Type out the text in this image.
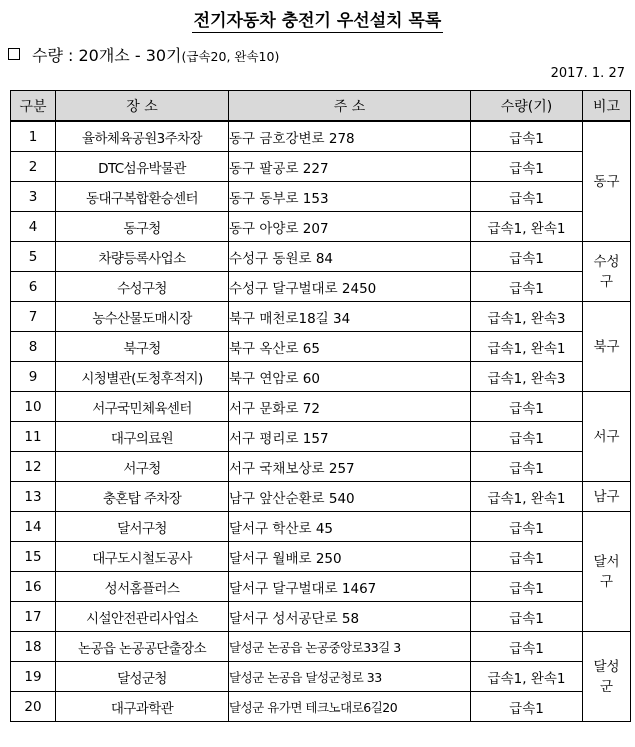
전기자동차 충전기 우선설치 목록
수량 : 20개소 - 30기(급속20, 완속10)
2017. 1. 27
구분	장 소	주 소	수량(기)	비고
1	율하체육공원3주차장	동구 금호강변로 278	급속1	동구
2	DTC섬유박물관	동구 팔공로 227	급속1	
3	동대구복합환승센터	동구 동부로 153	급속1	
4	동구청	동구 아양로 207	급속1, 완속1	
5	차량등록사업소	수성구 동원로 84	급속1	수성구
6	수성구청	수성구 달구벌대로 2450	급속1	
7	농수산물도매시장	북구 매천로18길 34	급속1, 완속3	북구
8	북구청	북구 옥산로 65	급속1, 완속1	
9	시청별관(도청후적지)	북구 연암로 60	급속1, 완속3	
10	서구국민체육센터	서구 문화로 72	급속1	서구
11	대구의료원	서구 평리로 157	급속1	
12	서구청	서구 국채보상로 257	급속1	
13	충혼탑 주차장	남구 앞산순환로 540	급속1, 완속1	남구
14	달서구청	달서구 학산로 45	급속1	달서구
15	대구도시철도공사	달서구 월배로 250	급속1	
16	성서홈플러스	달서구 달구벌대로 1467	급속1	
17	시설안전관리사업소	달서구 성서공단로 58	급속1	
18	논공읍 논공공단출장소	달성군 논공읍 논공중앙로33길 3	급속1	달성군
19	달성군청	달성군 논공읍 달성군청로 33	급속1, 완속1	
20	대구과학관	달성군 유가면 테크노대로6길20	급속1	
